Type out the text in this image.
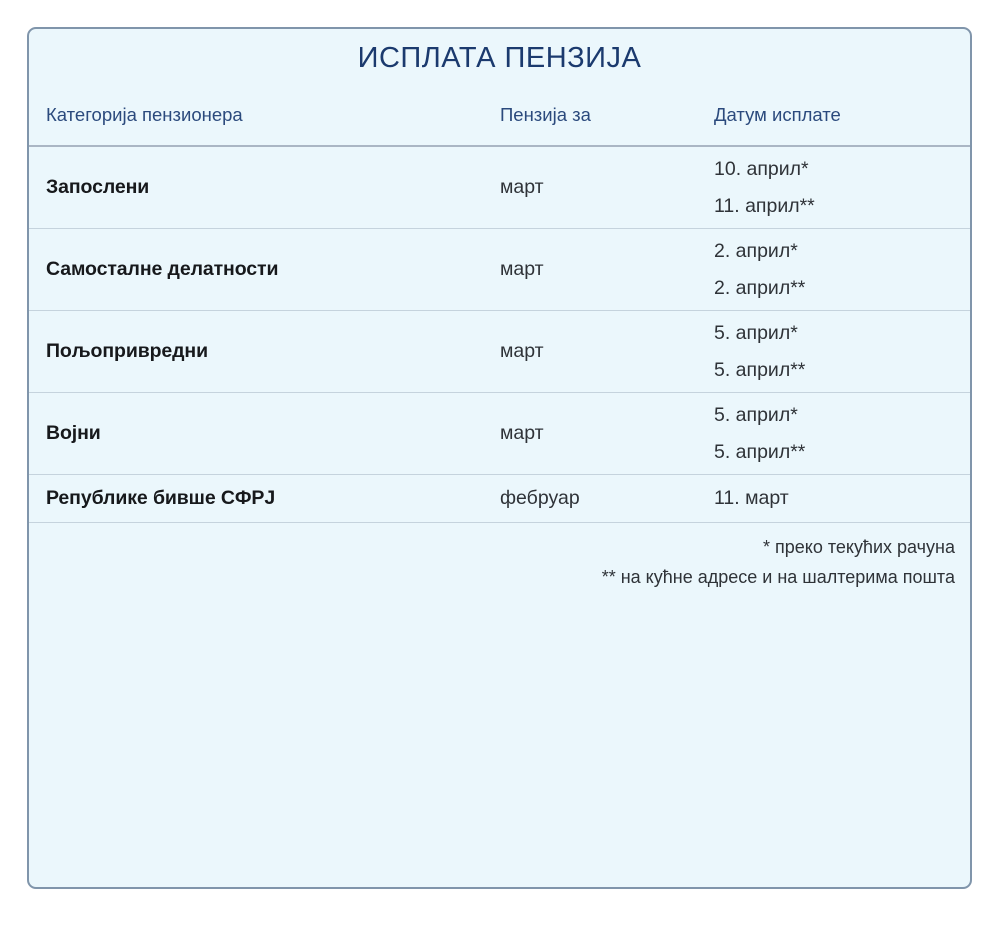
ИСПЛАТА ПЕНЗИЈА
Категорија пензионера	Пензија за	Датум исплате

Запослени	март	10. април*
11. април**

Самосталне делатности	март	2. април*
2. април**

Пољопривредни	март	5. април*
5. април**

Војни	март	5. април*
5. април**

Републике бивше СФРЈ	фебруар	11. март
* преко текућих рачуна
** на кућне адресе и на шалтерима пошта
